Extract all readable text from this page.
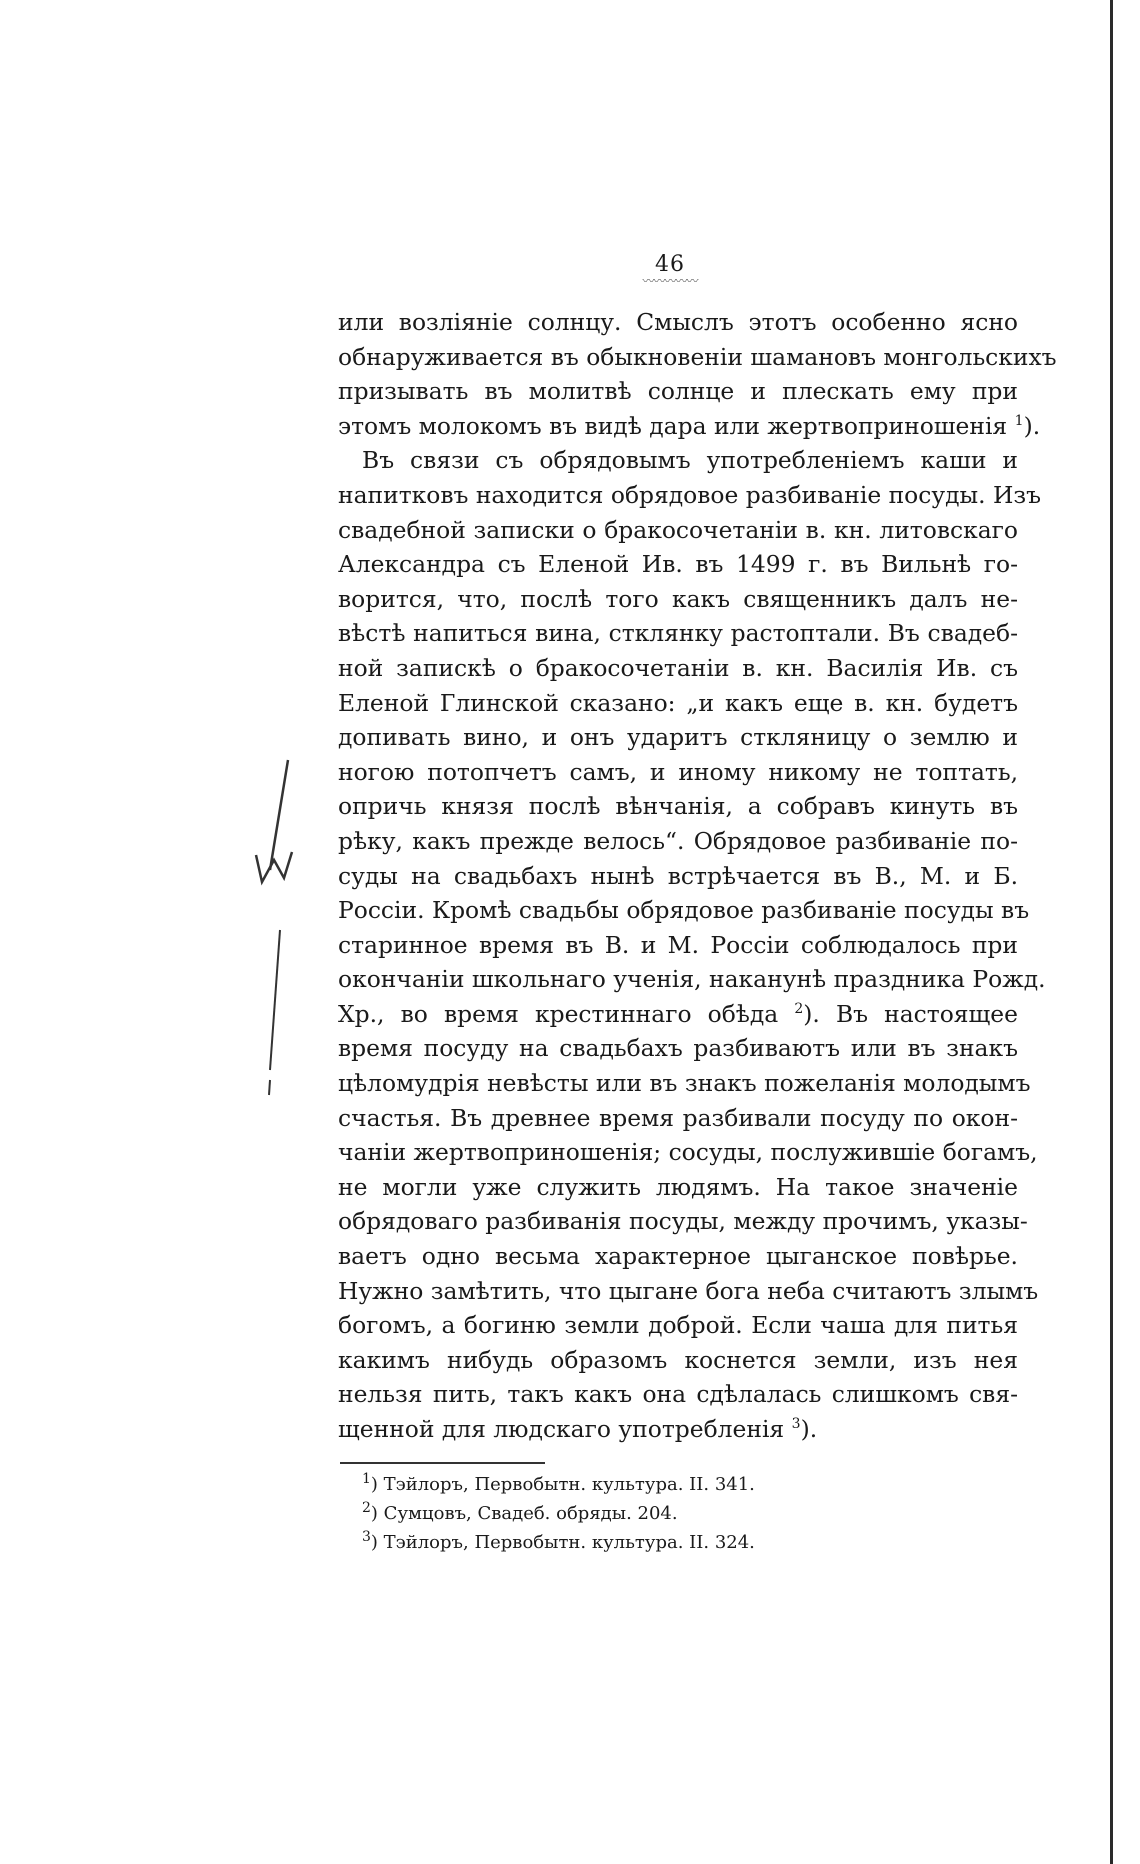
46
〰〰〰〰〰
или возліяніе солнцу. Смыслъ этотъ особенно ясно
обнаруживается въ обыкновеніи шамановъ монгольскихъ
призывать въ молитвѣ солнце и плескать ему при
этомъ молокомъ въ видѣ дара или жертвоприношенія $^1$).
Въ связи съ обрядовымъ употребленіемъ каши и
напитковъ находится обрядовое разбиваніе посуды. Изъ
свадебной записки о бракосочетаніи в. кн. литовскаго
Александра съ Еленой Ив. въ 1499 г. въ Вильнѣ го-
ворится, что, послѣ того какъ священникъ далъ не-
вѣстѣ напиться вина, стклянку растоптали. Въ свадеб-
ной запискѣ о бракосочетаніи в. кн. Василія Ив. съ
Еленой Глинской сказано: „и какъ еще в. кн. будетъ
допивать вино, и онъ ударитъ сткляницу о землю и
ногою потопчетъ самъ, и иному никому не топтать,
опричь князя послѣ вѣнчанія, а собравъ кинуть въ
рѣку, какъ прежде велось“. Обрядовое разбиваніе по-
суды на свадьбахъ нынѣ встрѣчается въ В., М. и Б.
Россіи. Кромѣ свадьбы обрядовое разбиваніе посуды въ
старинное время въ В. и М. Россіи соблюдалось при
окончаніи школьнаго ученія, наканунѣ праздника Рожд.
Хр., во время крестиннаго обѣда $^2$). Въ настоящее
время посуду на свадьбахъ разбиваютъ или въ знакъ
цѣломудрія невѣсты или въ знакъ пожеланія молодымъ
счастья. Въ древнее время разбивали посуду по окон-
чаніи жертвоприношенія; сосуды, послужившіе богамъ,
не могли уже служить людямъ. На такое значеніе
обрядоваго разбиванія посуды, между прочимъ, указы-
ваетъ одно весьма характерное цыганское повѣрье.
Нужно замѣтить, что цыгане бога неба считаютъ злымъ
богомъ, а богиню земли доброй. Если чаша для питья
какимъ нибудь образомъ коснется земли, изъ нея
нельзя пить, такъ какъ она сдѣлалась слишкомъ свя-
щенной для людскаго употребленія $^3$).
$^1$) Тэйлоръ, Первобытн. культура. II. 341.
$^2$) Сумцовъ, Свадеб. обряды. 204.
$^3$) Тэйлоръ, Первобытн. культура. II. 324.
